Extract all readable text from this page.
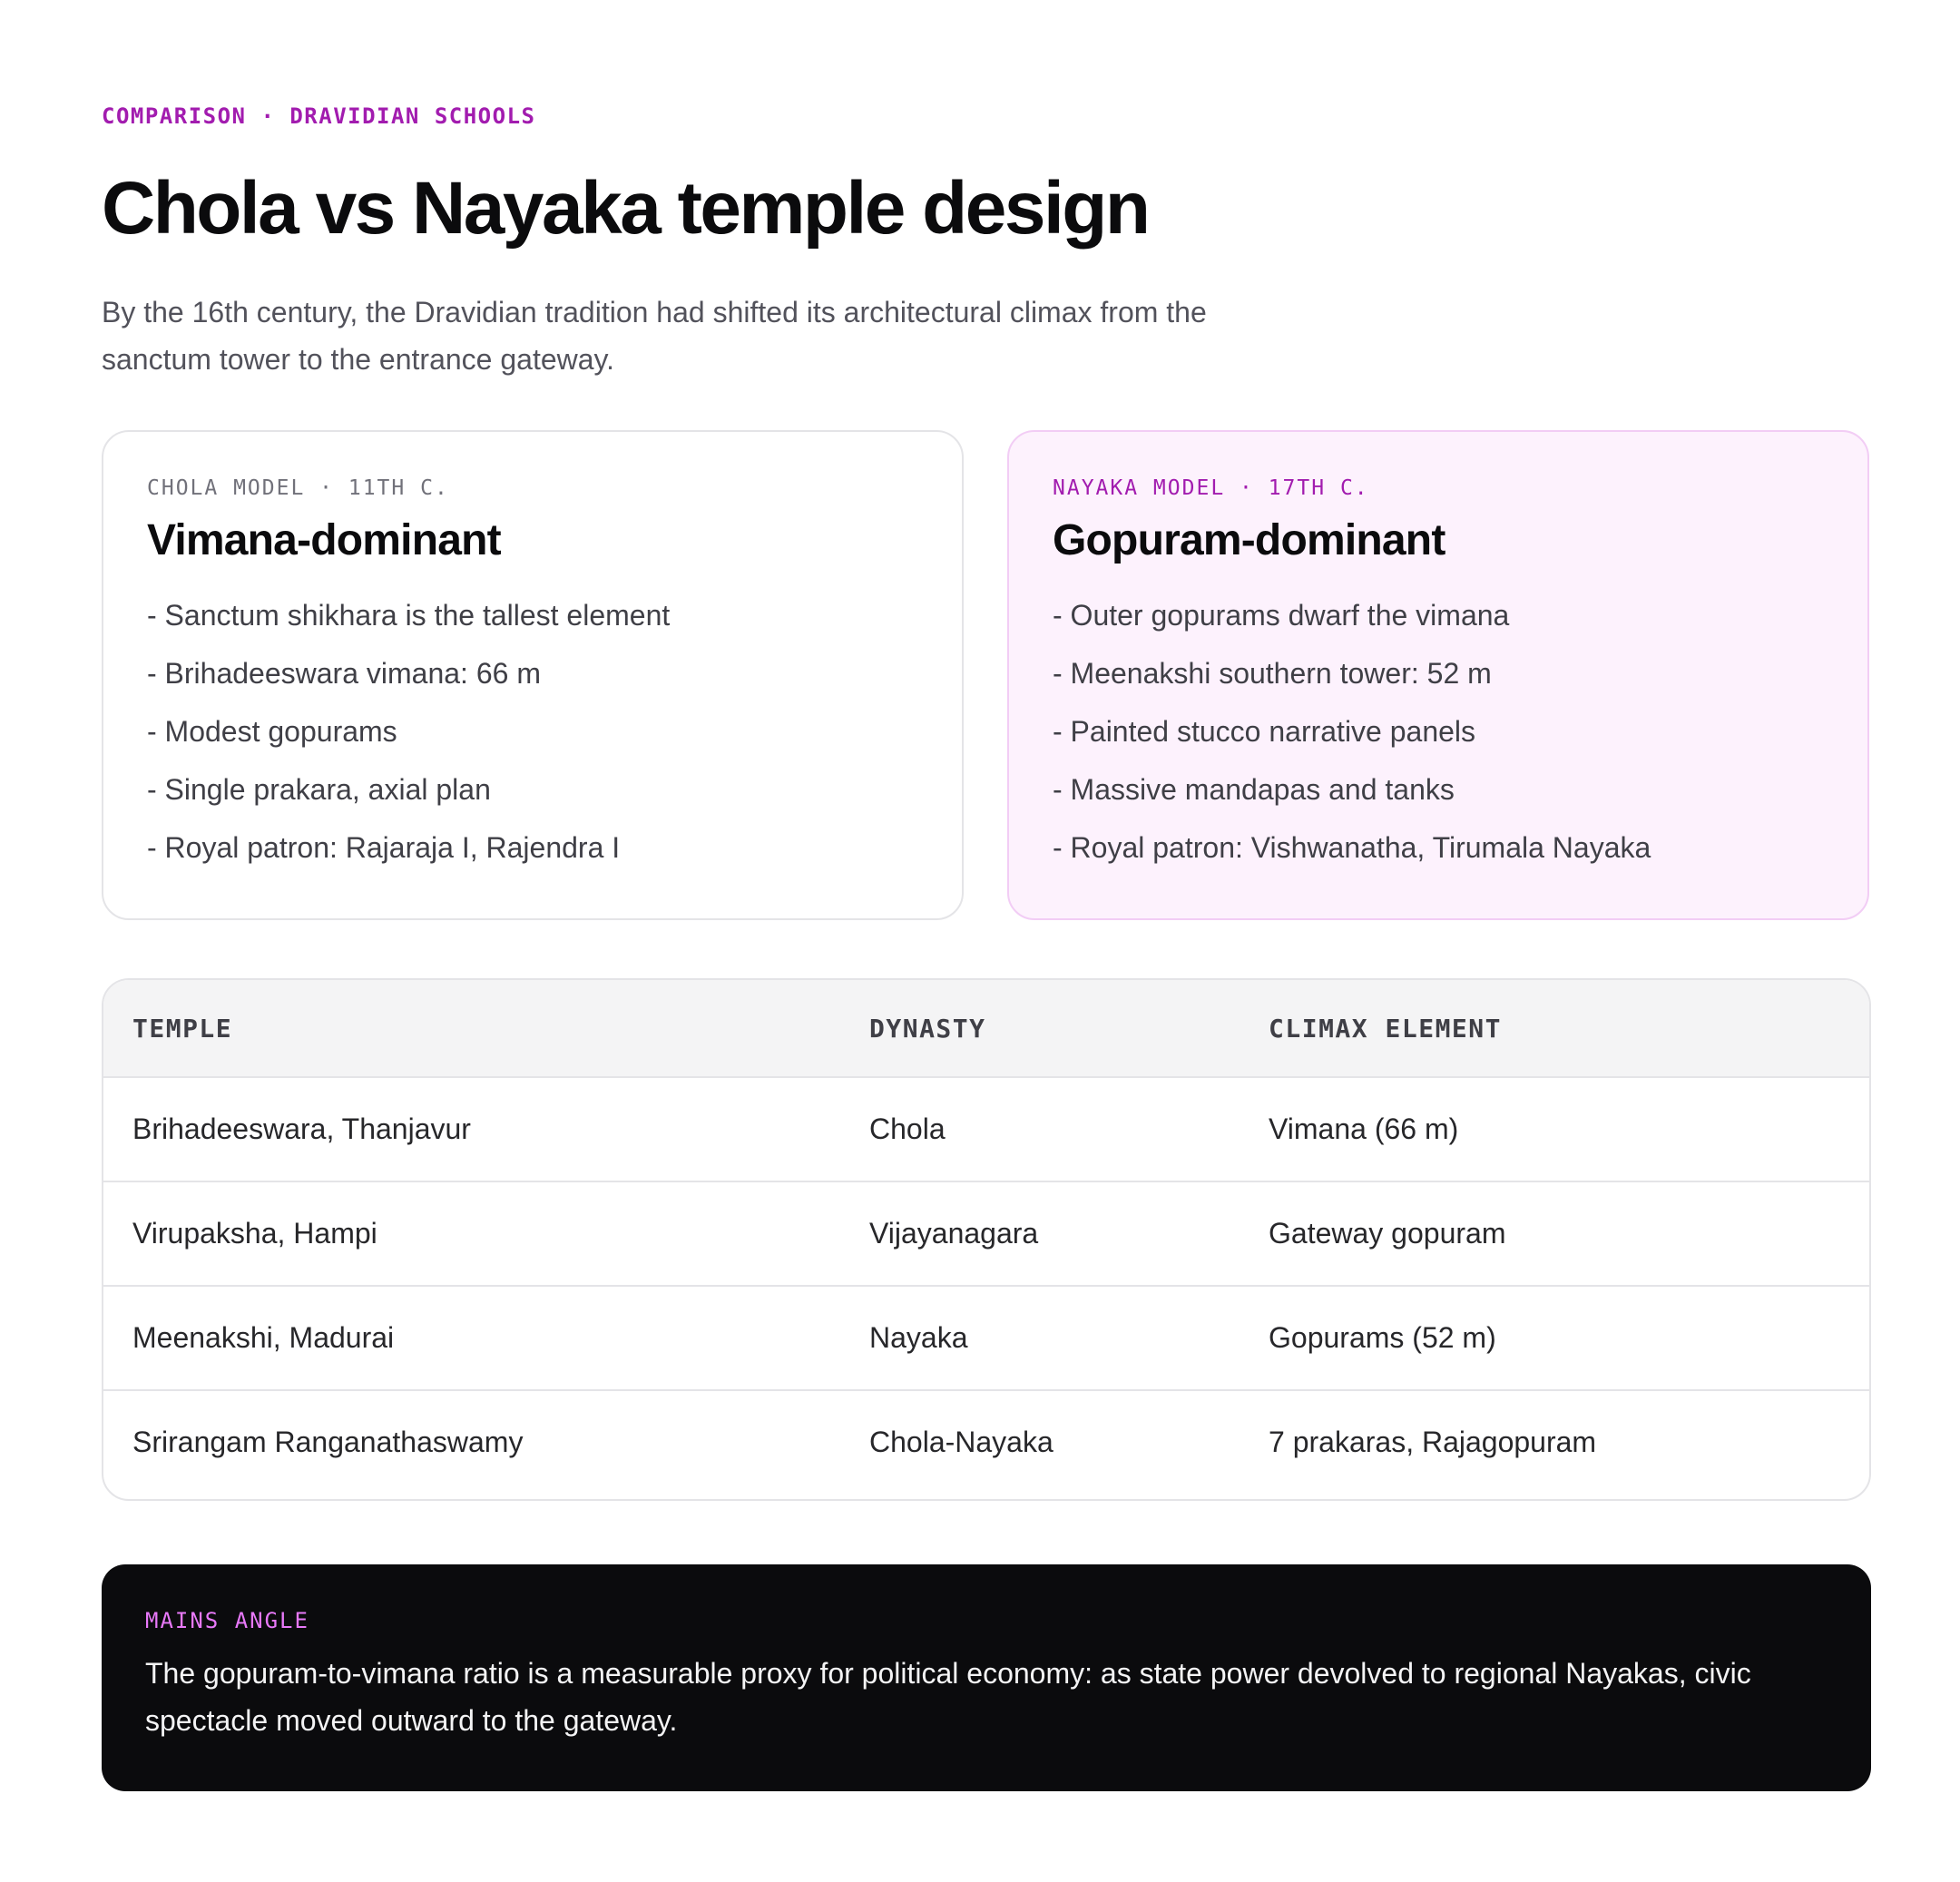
COMPARISON · DRAVIDIAN SCHOOLS
Chola vs Nayaka temple design
By the 16th century, the Dravidian tradition had shifted its architectural climax from the sanctum tower to the entrance gateway.
CHOLA MODEL · 11TH C.
Vimana-dominant
- Sanctum shikhara is the tallest element
- Brihadeeswara vimana: 66 m
- Modest gopurams
- Single prakara, axial plan
- Royal patron: Rajaraja I, Rajendra I
NAYAKA MODEL · 17TH C.
Gopuram-dominant
- Outer gopurams dwarf the vimana
- Meenakshi southern tower: 52 m
- Painted stucco narrative panels
- Massive mandapas and tanks
- Royal patron: Vishwanatha, Tirumala Nayaka
TEMPLE	DYNASTY	CLIMAX ELEMENT
Brihadeeswara, Thanjavur	Chola	Vimana (66 m)
Virupaksha, Hampi	Vijayanagara	Gateway gopuram
Meenakshi, Madurai	Nayaka	Gopurams (52 m)
Srirangam Ranganathaswamy	Chola-Nayaka	7 prakaras, Rajagopuram
MAINS ANGLE
The gopuram-to-vimana ratio is a measurable proxy for political economy: as state power devolved to regional Nayakas, civic spectacle moved outward to the gateway.
